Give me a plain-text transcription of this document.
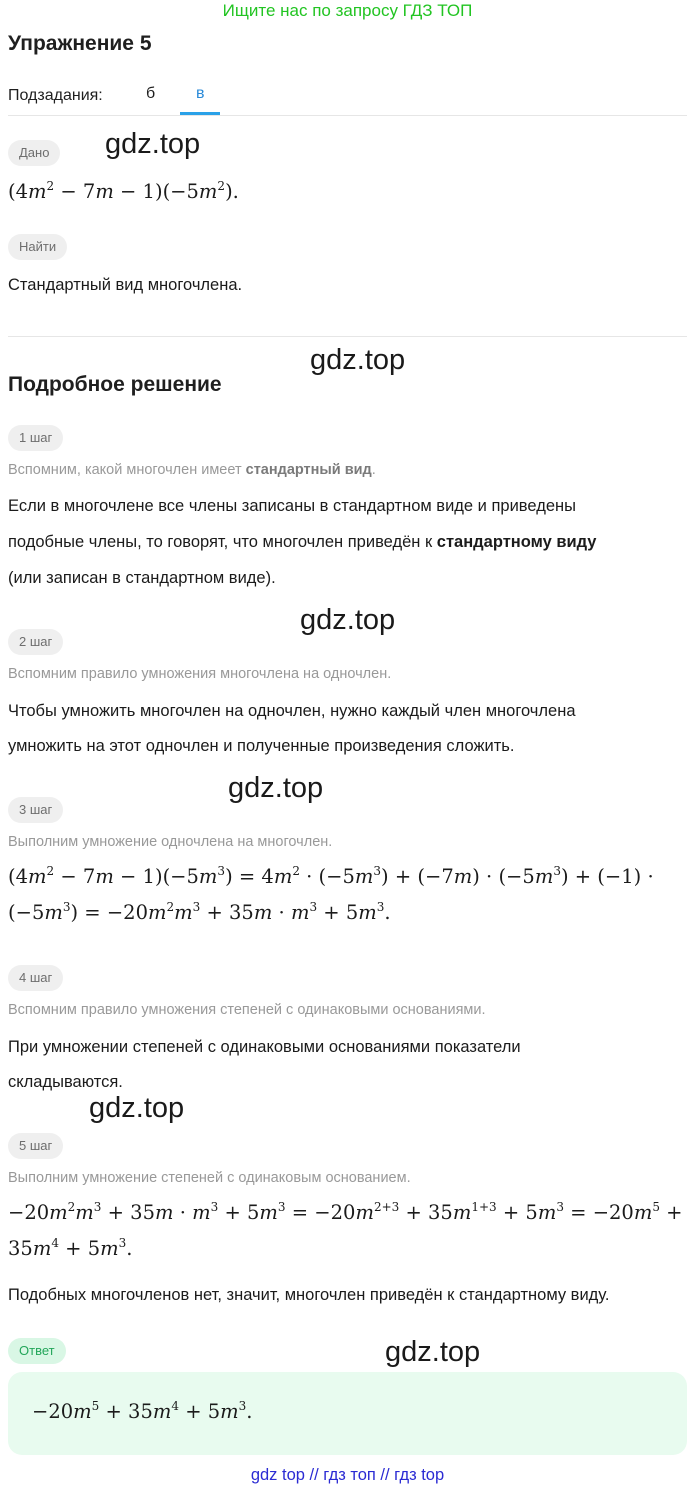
Ищите нас по запросу ГДЗ ТОП
Упражнение 5
Подзадания:	б	в
Дано	gdz.top
$(4m^2 - 7m - 1)(-5m^2)$.
Найти
Стандартный вид многочлена.
gdz.top
Подробное решение
1 шаг
Вспомним, какой многочлен имеет стандартный вид.
Если в многочлене все члены записаны в стандартном виде и приведены
подобные члены, то говорят, что многочлен приведён к стандартному виду
(или записан в стандартном виде).
gdz.top
2 шаг
Вспомним правило умножения многочлена на одночлен.
Чтобы умножить многочлен на одночлен, нужно каждый член многочлена
умножить на этот одночлен и полученные произведения сложить.
gdz.top
3 шаг
Выполним умножение одночлена на многочлен.
$(4m^2 - 7m - 1)(-5m^3) = 4m^2 \cdot (-5m^3) + (-7m) \cdot (-5m^3) + (-1)$ ·
$(-5m^3) = -20m^2m^3 + 35m \cdot m^3 + 5m^3$.
4 шаг
Вспомним правило умножения степеней с одинаковыми основаниями.
При умножении степеней с одинаковыми основаниями показатели
складываются.
gdz.top
5 шаг
Выполним умножение степеней с одинаковым основанием.
$-20m^2m^3 + 35m \cdot m^3 + 5m^3 = -20m^{2+3} + 35m^{1+3} + 5m^3 = -20m^5$ +
$35m^4 + 5m^3$.
Подобных многочленов нет, значит, многочлен приведён к стандартному виду.
Ответ	gdz.top
$-20m^5 + 35m^4 + 5m^3$.
gdz top // гдз топ // гдз top
